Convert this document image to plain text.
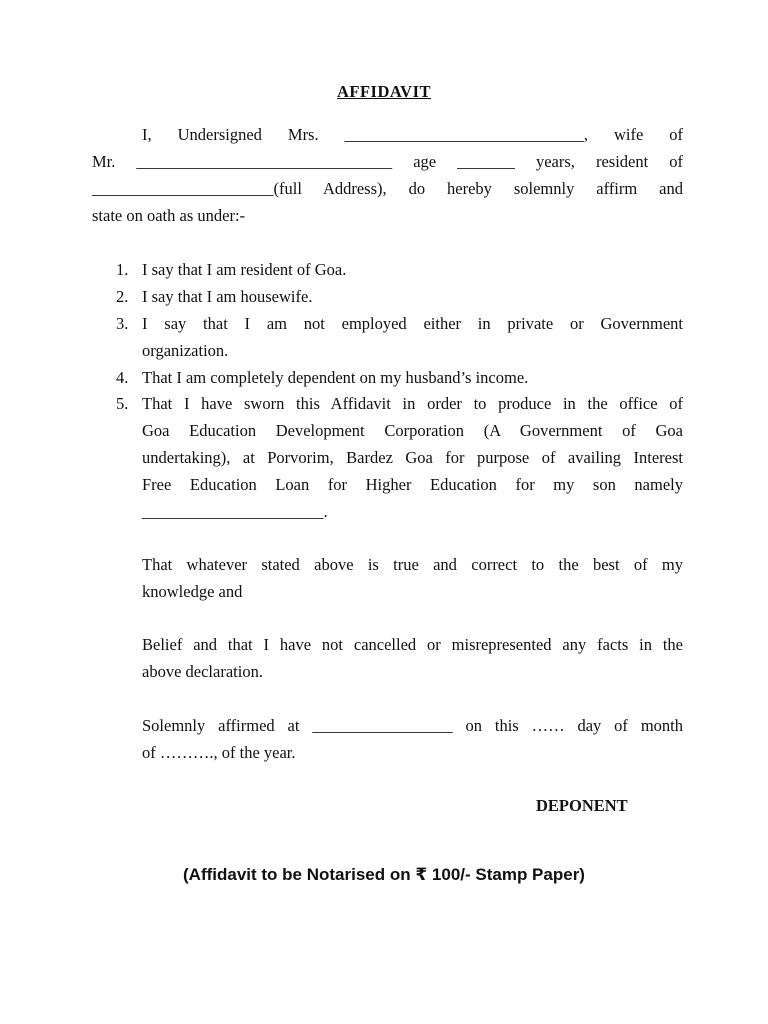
AFFIDAVIT
I, Undersigned Mrs. _____________________________, wife of
Mr. _______________________________ age _______ years, resident of
______________________(full Address), do hereby solemnly affirm and
state on oath as under:-
1. I say that I am resident of Goa.
2. I say that I am housewife.
3. I say that I am not employed either in private or Government
organization.
4. That I am completely dependent on my husband’s income.
5. That I have sworn this Affidavit in order to produce in the office of
Goa Education Development Corporation (A Government of Goa
undertaking), at Porvorim, Bardez Goa for purpose of availing Interest
Free Education Loan for Higher Education for my son namely
______________________.
That whatever stated above is true and correct to the best of my
knowledge and
Belief and that I have not cancelled or misrepresented any facts in the
above declaration.
Solemnly affirmed at _________________ on this …… day of month
of ………., of the year.
DEPONENT
(Affidavit to be Notarised on ₹ 100/- Stamp Paper)
